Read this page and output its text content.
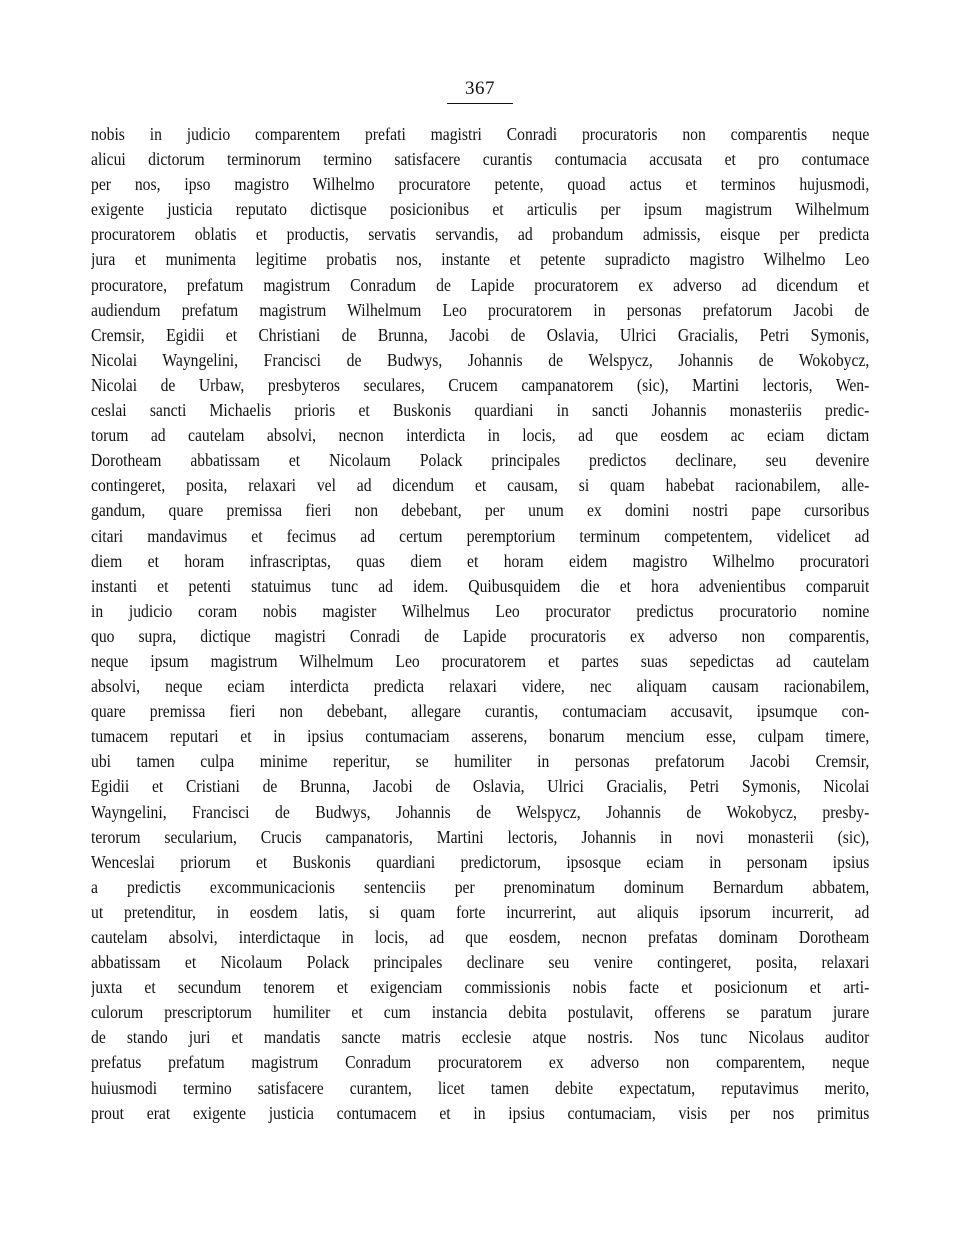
367
nobis in judicio comparentem prefati magistri Conradi procuratoris non comparentis neque
alicui dictorum terminorum termino satisfacere curantis contumacia accusata et pro contumace
per nos, ipso magistro Wilhelmo procuratore petente, quoad actus et terminos hujusmodi,
exigente justicia reputato dictisque posicionibus et articulis per ipsum magistrum Wilhelmum
procuratorem oblatis et productis, servatis servandis, ad probandum admissis, eisque per predicta
jura et munimenta legitime probatis nos, instante et petente supradicto magistro Wilhelmo Leo
procuratore, prefatum magistrum Conradum de Lapide procuratorem ex adverso ad dicendum et
audiendum prefatum magistrum Wilhelmum Leo procuratorem in personas prefatorum Jacobi de
Cremsir, Egidii et Christiani de Brunna, Jacobi de Oslavia, Ulrici Gracialis, Petri Symonis,
Nicolai Wayngelini, Francisci de Budwys, Johannis de Welspycz, Johannis de Wokobycz,
Nicolai de Urbaw, presbyteros seculares, Crucem campanatorem (sic), Martini lectoris, Wen-
ceslai sancti Michaelis prioris et Buskonis quardiani in sancti Johannis monasteriis predic-
torum ad cautelam absolvi, necnon interdicta in locis, ad que eosdem ac eciam dictam
Dorotheam abbatissam et Nicolaum Polack principales predictos declinare, seu devenire
contingeret, posita, relaxari vel ad dicendum et causam, si quam habebat racionabilem, alle-
gandum, quare premissa fieri non debebant, per unum ex domini nostri pape cursoribus
citari mandavimus et fecimus ad certum peremptorium terminum competentem, videlicet ad
diem et horam infrascriptas, quas diem et horam eidem magistro Wilhelmo procuratori
instanti et petenti statuimus tunc ad idem. Quibusquidem die et hora advenientibus comparuit
in judicio coram nobis magister Wilhelmus Leo procurator predictus procuratorio nomine
quo supra, dictique magistri Conradi de Lapide procuratoris ex adverso non comparentis,
neque ipsum magistrum Wilhelmum Leo procuratorem et partes suas sepedictas ad cautelam
absolvi, neque eciam interdicta predicta relaxari videre, nec aliquam causam racionabilem,
quare premissa fieri non debebant, allegare curantis, contumaciam accusavit, ipsumque con-
tumacem reputari et in ipsius contumaciam asserens, bonarum mencium esse, culpam timere,
ubi tamen culpa minime reperitur, se humiliter in personas prefatorum Jacobi Cremsir,
Egidii et Cristiani de Brunna, Jacobi de Oslavia, Ulrici Gracialis, Petri Symonis, Nicolai
Wayngelini, Francisci de Budwys, Johannis de Welspycz, Johannis de Wokobycz, presby-
terorum secularium, Crucis campanatoris, Martini lectoris, Johannis in novi monasterii (sic),
Wenceslai priorum et Buskonis quardiani predictorum, ipsosque eciam in personam ipsius
a predictis excommunicacionis sentenciis per prenominatum dominum Bernardum abbatem,
ut pretenditur, in eosdem latis, si quam forte incurrerint, aut aliquis ipsorum incurrerit, ad
cautelam absolvi, interdictaque in locis, ad que eosdem, necnon prefatas dominam Dorotheam
abbatissam et Nicolaum Polack principales declinare seu venire contingeret, posita, relaxari
juxta et secundum tenorem et exigenciam commissionis nobis facte et posicionum et arti-
culorum prescriptorum humiliter et cum instancia debita postulavit, offerens se paratum jurare
de stando juri et mandatis sancte matris ecclesie atque nostris. Nos tunc Nicolaus auditor
prefatus prefatum magistrum Conradum procuratorem ex adverso non comparentem, neque
huiusmodi termino satisfacere curantem, licet tamen debite expectatum, reputavimus merito,
prout erat exigente justicia contumacem et in ipsius contumaciam, visis per nos primitus
